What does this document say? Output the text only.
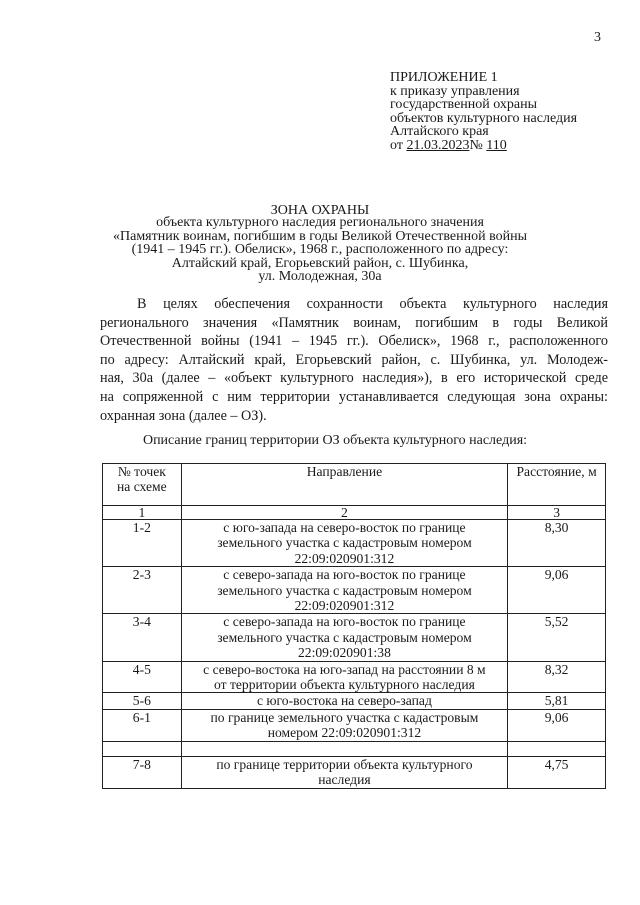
3
ПРИЛОЖЕНИЕ 1
к приказу управления
государственной охраны
объектов культурного наследия
Алтайского края
от 21.03.2023№ 110
ЗОНА ОХРАНЫ
объекта культурного наследия регионального значения
«Памятник воинам, погибшим в годы Великой Отечественной войны
(1941 – 1945 гг.). Обелиск», 1968 г., расположенного по адресу:
Алтайский край, Егорьевский район, с. Шубинка,
ул. Молодежная, 30а
В целях обеспечения сохранности объекта культурного наследия
регионального значения «Памятник воинам, погибшим в годы Великой
Отечественной войны (1941 – 1945 гг.). Обелиск», 1968 г., расположенного
по адресу: Алтайский край, Егорьевский район, с. Шубинка, ул. Молодеж-
ная, 30а (далее – «объект культурного наследия»), в его исторической среде
на сопряженной с ним территории устанавливается следующая зона охраны:
охранная зона (далее – ОЗ).
Описание границ территории ОЗ объекта культурного наследия:
№ точек
на схеме	Направление	Расстояние, м
1	2	3
1-2	с юго-запада на северо-восток по границе
земельного участка с кадастровым номером
22:09:020901:312	8,30
2-3	с северо-запада на юго-восток по границе
земельного участка с кадастровым номером
22:09:020901:312	9,06
3-4	с северо-запада на юго-восток по границе
земельного участка с кадастровым номером
22:09:020901:38	5,52
4-5	с северо-востока на юго-запад на расстоянии 8 м
от территории объекта культурного наследия	8,32
5-6	с юго-востока на северо-запад	5,81
6-1	по границе земельного участка с кадастровым
номером 22:09:020901:312	9,06

7-8	по границе территории объекта культурного
наследия	4,75
